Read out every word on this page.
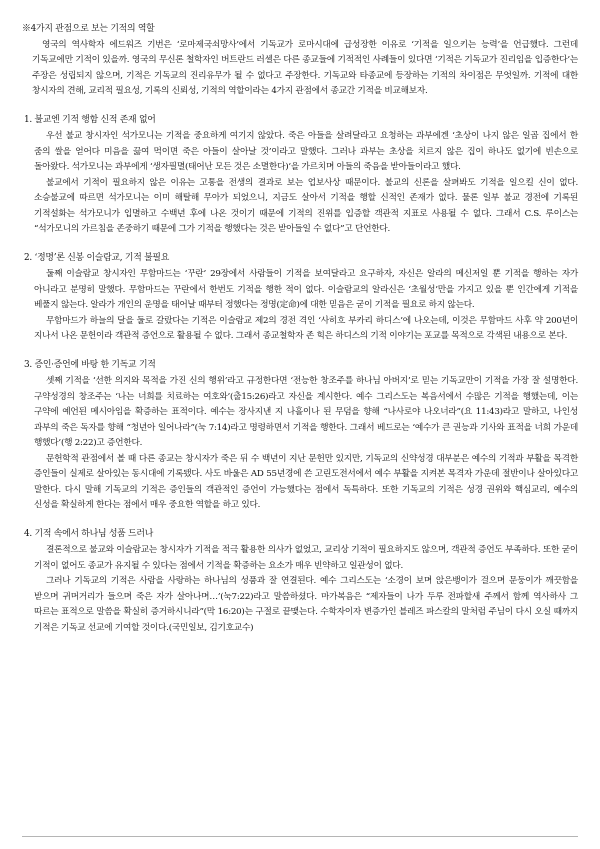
※4가지 관점으로 보는 기적의 역할

영국의 역사학자 에드워즈 기번은 ‘로마제국쇠망사’에서 기독교가 로마시대에 급성장한 이유로 ‘기적을 일으키는 능력’을 언급했다. 그런데 기독교에만 기적이 있을까. 영국의 무신론 철학자인 버트란드 러셀은 다른 종교들에 기적적인 사례들이 있다면 ‘기적은 기독교가 진리임을 입증한다’는 주장은 성립되지 않으며, 기적은 기독교의 진리유무가 될 수 없다고 주장한다. 기독교와 타종교에 등장하는 기적의 차이점은 무엇일까. 기적에 대한 창시자의 견해, 교리적 필요성, 기록의 신뢰성, 기적의 역할이라는 4가지 관점에서 종교간 기적을 비교해보자.

1. 불교엔 기적 행함 신적 존재 없어

우선 불교 창시자인 석가모니는 기적을 중요하게 여기지 않았다. 죽은 아들을 살려달라고 요청하는 과부에겐 ‘초상이 나지 않은 일곱 집에서 한 줌의 쌀을 얻어다 미음을 끓여 먹이면 죽은 아들이 살아날 것’이라고 말했다. 그러나 과부는 초상을 치르지 않은 집이 하나도 없기에 빈손으로 돌아왔다. 석가모니는 과부에게 ‘생자필멸(태어난 모든 것은 소멸한다)’을 가르치며 아들의 죽음을 받아들이라고 했다.

불교에서 기적이 필요하지 않은 이유는 고통을 전생의 결과로 보는 업보사상 때문이다. 불교의 신론을 살펴봐도 기적을 일으킬 신이 없다. 소승불교에 따르면 석가모니는 이미 해탈해 무아가 되었으니, 지금도 살아서 기적을 행할 신적인 존재가 없다. 물론 일부 불교 경전에 기록된 기적설화는 석가모니가 입멸하고 수백년 후에 나온 것이기 때문에 기적의 진위를 입증할 객관적 지표로 사용될 수 없다. 그래서 C.S. 루이스는 “석가모니의 가르침을 존중하기 때문에 그가 기적을 행했다는 것은 받아들일 수 없다”고 단언한다.

2. ‘정명’론 신봉 이슬람교, 기적 불필요

둘째 이슬람교 창시자인 무함마드는 ‘꾸란’ 29장에서 사람들이 기적을 보여달라고 요구하자, 자신은 알라의 메신저일 뿐 기적을 행하는 자가 아니라고 분명히 말했다. 무함마드는 꾸란에서 한번도 기적을 행한 적이 없다. 이슬람교의 알라신은 ‘초월성’만을 가지고 있을 뿐 인간에게 기적을 베풀지 않는다. 알라가 개인의 운명을 태어날 때부터 정했다는 정명(定命)에 대한 믿음은 굳이 기적을 필요로 하지 않는다.

무함마드가 하늘의 달을 둘로 갈랐다는 기적은 이슬람교 제2의 경전 격인 ‘사히흐 부카리 하디스’에 나오는데, 이것은 무함마드 사후 약 200년이 지나서 나온 문헌이라 객관적 증언으로 활용될 수 없다. 그래서 종교철학자 존 힉은 하디스의 기적 이야기는 포교를 목적으로 각색된 내용으로 본다.

3. 증인·증언에 바탕 한 기독교 기적

셋째 기적을 ‘선한 의지와 목적을 가진 신의 행위’라고 규정한다면 ‘전능한 창조주를 하나님 아버지’로 믿는 기독교만이 기적을 가장 잘 설명한다. 구약성경의 창조주는 ‘나는 너희를 치료하는 여호와’(출15:26)라고 자신을 계시한다. 예수 그리스도는 복음서에서 수많은 기적을 행했는데, 이는 구약에 예언된 메시아임을 확증하는 표적이다. 예수는 장사지낸 지 나흘이나 된 무덤을 향해 “나사로야 나오너라”(요 11:43)라고 말하고, 나인성 과부의 죽은 독자를 향해 “청년아 일어나라”(눅 7:14)라고 명령하면서 기적을 행한다. 그래서 베드로는 ‘예수가 큰 권능과 기사와 표적을 너희 가운데 행했다’(행 2:22)고 증언한다.

문헌학적 관점에서 볼 때 다른 종교는 창시자가 죽은 뒤 수 백년이 지난 문헌만 있지만, 기독교의 신약성경 대부분은 예수의 기적과 부활을 목격한 증인들이 실제로 살아있는 동시대에 기록됐다. 사도 바울은 AD 55년경에 쓴 고린도전서에서 예수 부활을 지켜본 목격자 가운데 절반이나 살아있다고 말한다. 다시 말해 기독교의 기적은 증인들의 객관적인 증언이 가능했다는 점에서 독특하다. 또한 기독교의 기적은 성경 권위와 핵심교리, 예수의 신성을 확실하게 한다는 점에서 매우 중요한 역할을 하고 있다.

4. 기적 속에서 하나님 성품 드러나

결론적으로 불교와 이슬람교는 창시자가 기적을 적극 활용한 의사가 없었고, 교리상 기적이 필요하지도 않으며, 객관적 증언도 부족하다. 또한 굳이 기적이 없어도 종교가 유지될 수 있다는 점에서 기적을 확증하는 요소가 매우 빈약하고 일관성이 없다.

그러나 기독교의 기적은 사람을 사랑하는 하나님의 성품과 잘 연결된다. 예수 그리스도는 ‘소경이 보며 앉은뱅이가 걸으며 문둥이가 깨끗함을 받으며 귀머거리가 들으며 죽은 자가 살아나며…’(눅7:22)라고 말씀하셨다. 마가복음은 “제자들이 나가 두루 전파할새 주께서 함께 역사하사 그 따르는 표적으로 말씀을 확실히 증거하시니라”(막 16:20)는 구절로 끝맺는다. 수학자이자 변증가인 블레즈 파스칼의 말처럼 주님이 다시 오실 때까지 기적은 기독교 선교에 기여할 것이다.(국민일보, 김기호교수)
